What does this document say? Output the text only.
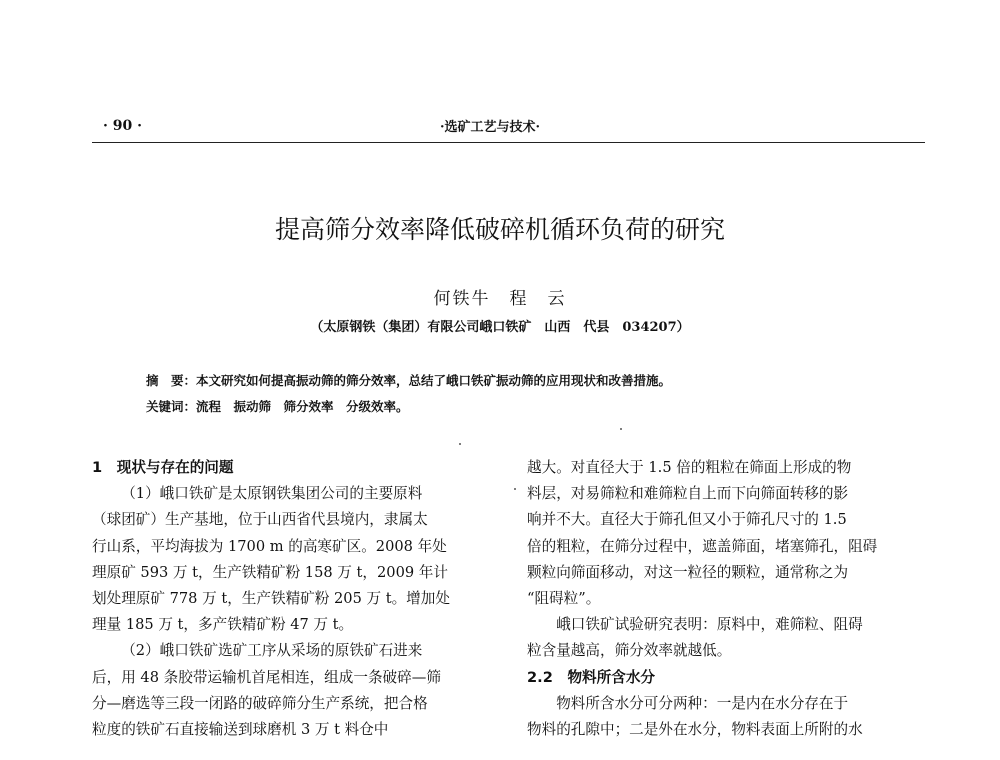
· 90 ·	·选矿工艺与技术·
提高筛分效率降低破碎机循环负荷的研究
何铁牛　程　云
（太原钢铁（集团）有限公司峨口铁矿　山西　代县　034207）
摘　要：本文研究如何提高振动筛的筛分效率，总结了峨口铁矿振动筛的应用现状和改善措施。
关键词：流程　振动筛　筛分效率　分级效率。

1　现状与存在的问题

（1）峨口铁矿是太原钢铁集团公司的主要原料

（球团矿）生产基地，位于山西省代县境内，隶属太

行山系，平均海拔为 1700 m 的高寒矿区。2008 年处

理原矿 593 万 t，生产铁精矿粉 158 万 t，2009 年计

划处理原矿 778 万 t，生产铁精矿粉 205 万 t。增加处

理量 185 万 t，多产铁精矿粉 47 万 t。

（2）峨口铁矿选矿工序从采场的原铁矿石进来

后，用 48 条胶带运输机首尾相连，组成一条破碎—筛

分—磨选等三段一闭路的破碎筛分生产系统，把合格

粒度的铁矿石直接输送到球磨机 3 万 t 料仓中

越大。对直径大于 1.5 倍的粗粒在筛面上形成的物

料层，对易筛粒和难筛粒自上而下向筛面转移的影

响并不大。直径大于筛孔但又小于筛孔尺寸的 1.5

倍的粗粒，在筛分过程中，遮盖筛面，堵塞筛孔，阻碍

颗粒向筛面移动，对这一粒径的颗粒，通常称之为

“阻碍粒”。

峨口铁矿试验研究表明：原料中，难筛粒、阻碍

粒含量越高，筛分效率就越低。

2.2　物料所含水分

物料所含水分可分两种：一是内在水分存在于

物料的孔隙中；二是外在水分，物料表面上所附的水
